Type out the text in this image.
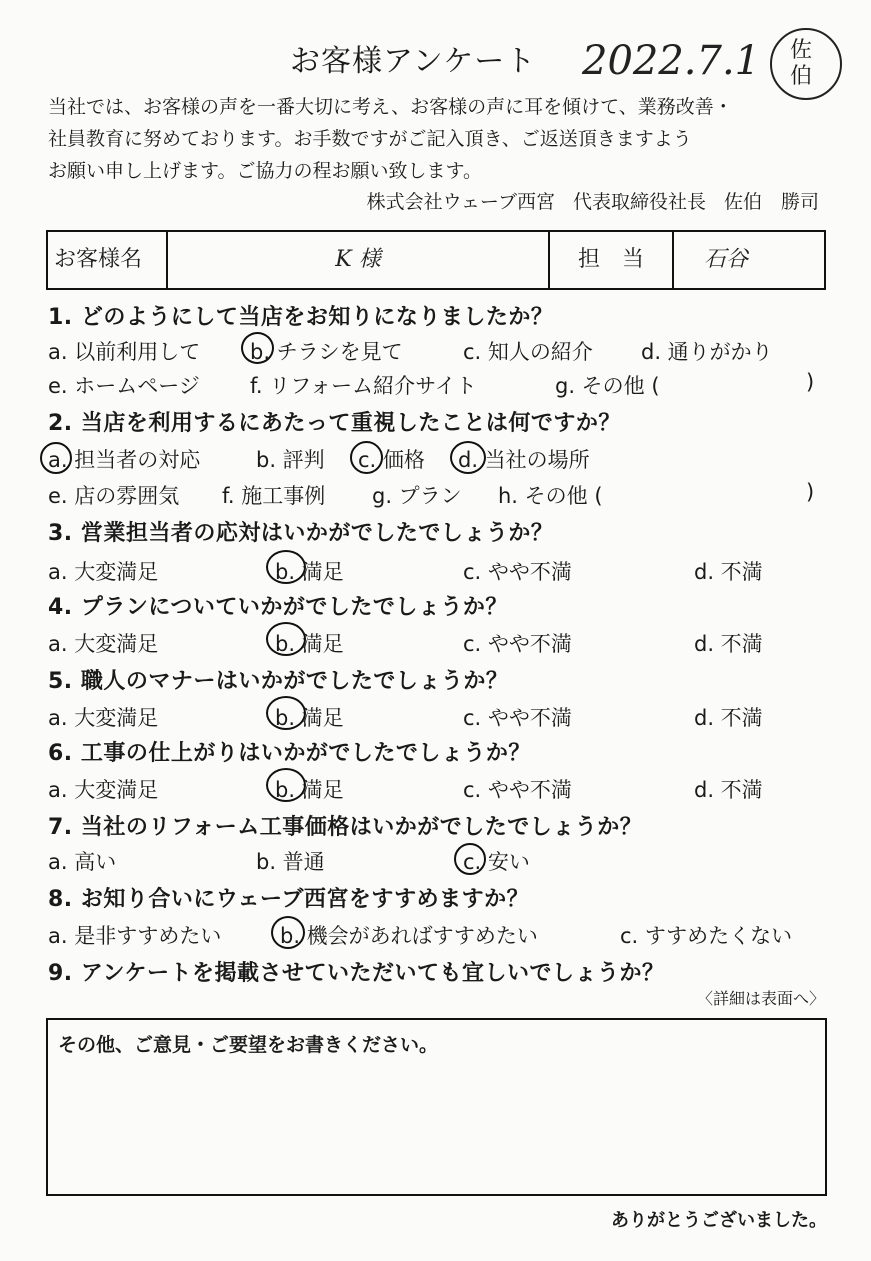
お客様アンケート 2022.7.1 佐
伯
当社では、お客様の声を一番大切に考え、お客様の声に耳を傾けて、業務改善・
社員教育に努めております。お手数ですがご記入頂き、ご返送頂きますよう
お願い申し上げます。ご協力の程お願い致します。
株式会社ウェーブ西宮 代表取締役社長 佐伯　勝司
お客様名	K 様	担　当	石谷
1. どのようにして当店をお知りになりましたか？
a. 以前利用して b. チラシを見て	c. 知人の紹介 d. 通りがかり
e. ホームページ f. リフォーム紹介サイト	g. その他 (	)
2. 当店を利用するにあたって重視したことは何ですか？
a. 担当者の対応	b. 評判 c. 価格 d. 当社の場所
e. 店の雰囲気 f. 施工事例 g. プラン h. その他 (	)
3. 営業担当者の応対はいかがでしたでしょうか？
a. 大変満足	b. 満足	c. やや不満	d. 不満
4. プランについていかがでしたでしょうか？
a. 大変満足	b. 満足	c. やや不満	d. 不満
5. 職人のマナーはいかがでしたでしょうか？
a. 大変満足	b. 満足	c. やや不満	d. 不満
6. 工事の仕上がりはいかがでしたでしょうか？
a. 大変満足	b. 満足	c. やや不満	d. 不満
7. 当社のリフォーム工事価格はいかがでしたでしょうか？
a. 高い	b. 普通	c. 安い
8. お知り合いにウェーブ西宮をすすめますか？
a. 是非すすめたい	b. 機会があればすすめたい	c. すすめたくない
9. アンケートを掲載させていただいても宜しいでしょうか？
〈詳細は表面へ〉
その他、ご意見・ご要望をお書きください。
ありがとうございました。
